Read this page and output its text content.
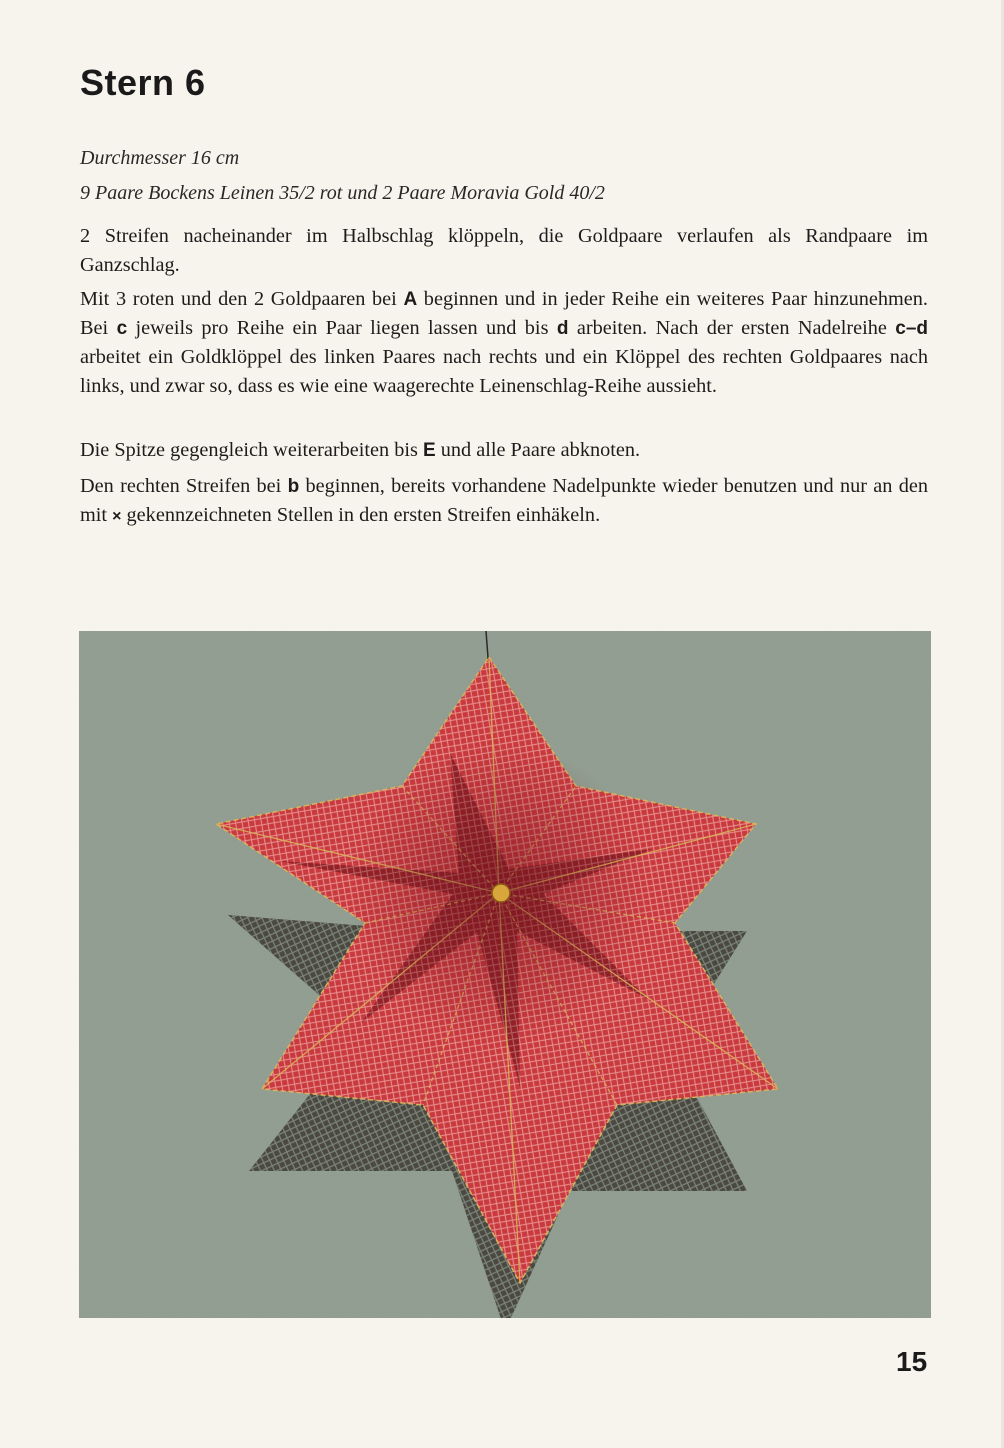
Stern 6

Durchmesser 16 cm

9 Paare Bockens Leinen 35/2 rot und 2 Paare Moravia Gold 40/2

2 Streifen nacheinander im Halbschlag klöppeln, die Goldpaare verlaufen als Randpaare im Ganzschlag.

Mit 3 roten und den 2 Goldpaaren bei A beginnen und in jeder Reihe ein weiteres Paar hinzunehmen. Bei c jeweils pro Reihe ein Paar liegen lassen und bis d arbeiten. Nach der ersten Nadelreihe c–d arbeitet ein Goldklöppel des linken Paares nach rechts und ein Klöppel des rechten Goldpaares nach links, und zwar so, dass es wie eine waagerechte Leinenschlag-Reihe aussieht.

Die Spitze gegengleich weiterarbeiten bis E und alle Paare abknoten.

Den rechten Streifen bei b beginnen, bereits vorhandene Nadelpunkte wieder benutzen und nur an den mit × gekennzeichneten Stellen in den ersten Streifen einhäkeln.

15
